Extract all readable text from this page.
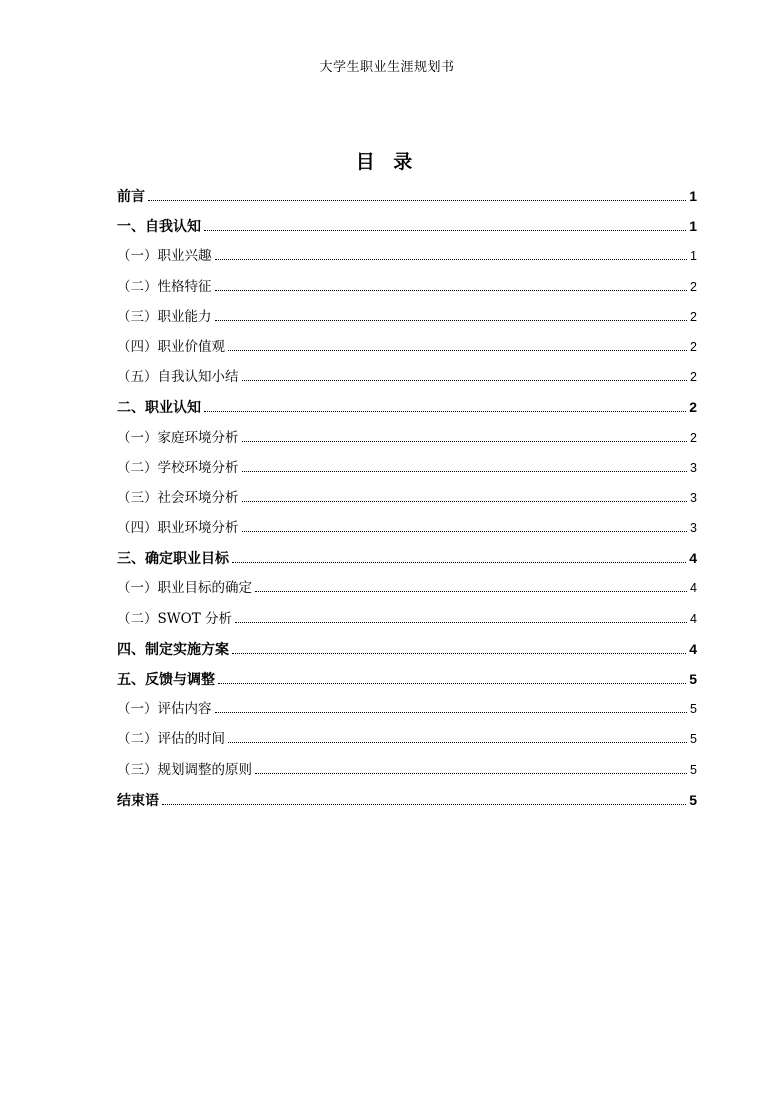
大学生职业生涯规划书
目 录
前言	1
一、自我认知	1
（一）职业兴趣	1
（二）性格特征	2
（三）职业能力	2
（四）职业价值观	2
（五）自我认知小结	2
二、职业认知	2
（一）家庭环境分析	2
（二）学校环境分析	3
（三）社会环境分析	3
（四）职业环境分析	3
三、确定职业目标	4
（一）职业目标的确定	4
（二）SWOT 分析	4
四、制定实施方案	4
五、反馈与调整	5
（一）评估内容	5
（二）评估的时间	5
（三）规划调整的原则	5
结束语	5
